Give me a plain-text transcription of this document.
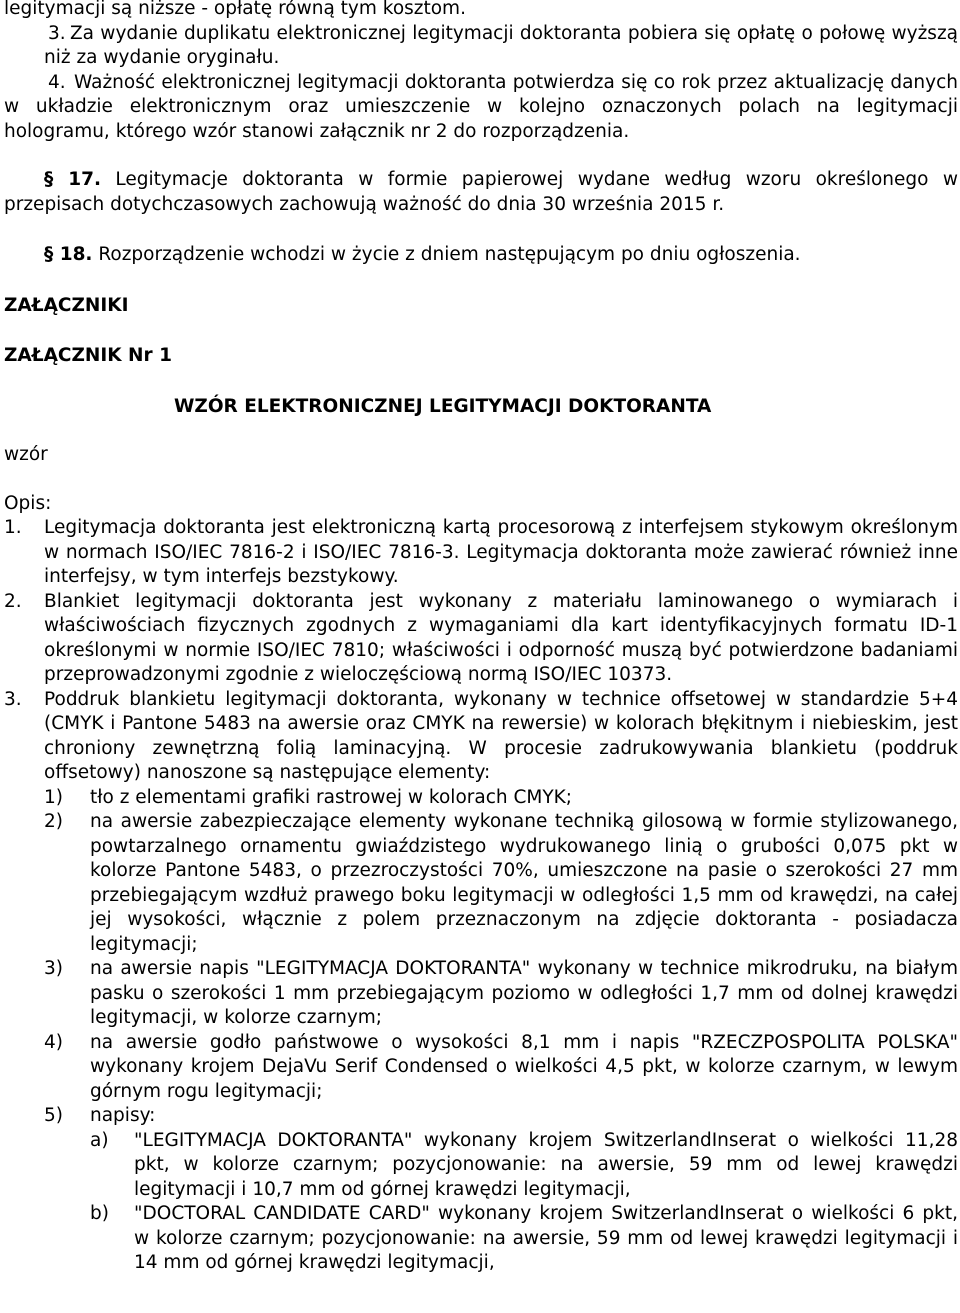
legitymacji są niższe - opłatę równą tym kosztom.

3. Za wydanie duplikatu elektronicznej legitymacji doktoranta pobiera się opłatę o połowę wyższą niż za wydanie oryginału.

4. Ważność elektronicznej legitymacji doktoranta potwierdza się co rok przez aktualizację danych w układzie elektronicznym oraz umieszczenie w kolejno oznaczonych polach na legitymacji hologramu, którego wzór stanowi załącznik nr 2 do rozporządzenia.

§ 17. Legitymacje doktoranta w formie papierowej wydane według wzoru określonego w przepisach dotychczasowych zachowują ważność do dnia 30 września 2015 r.

§ 18. Rozporządzenie wchodzi w życie z dniem następującym po dniu ogłoszenia.

ZAŁĄCZNIKI

ZAŁĄCZNIK Nr 1

WZÓR ELEKTRONICZNEJ LEGITYMACJI DOKTORANTA

wzór

Opis:

1. Legitymacja doktoranta jest elektroniczną kartą procesorową z interfejsem stykowym określonym w normach ISO/IEC 7816-2 i ISO/IEC 7816-3. Legitymacja doktoranta może zawierać również inne interfejsy, w tym interfejs bezstykowy.

2. Blankiet legitymacji doktoranta jest wykonany z materiału laminowanego o wymiarach i właściwościach fizycznych zgodnych z wymaganiami dla kart identyfikacyjnych formatu ID-1 określonymi w normie ISO/IEC 7810; właściwości i odporność muszą być potwierdzone badaniami przeprowadzonymi zgodnie z wieloczęściową normą ISO/IEC 10373.

3. Poddruk blankietu legitymacji doktoranta, wykonany w technice offsetowej w standardzie 5+4 (CMYK i Pantone 5483 na awersie oraz CMYK na rewersie) w kolorach błękitnym i niebieskim, jest chroniony zewnętrzną folią laminacyjną. W procesie zadrukowywania blankietu (poddruk offsetowy) nanoszone są następujące elementy:

1) tło z elementami grafiki rastrowej w kolorach CMYK;

2) na awersie zabezpieczające elementy wykonane techniką gilosową w formie stylizowanego, powtarzalnego ornamentu gwiaździstego wydrukowanego linią o grubości 0,075 pkt w kolorze Pantone 5483, o przezroczystości 70%, umieszczone na pasie o szerokości 27 mm przebiegającym wzdłuż prawego boku legitymacji w odległości 1,5 mm od krawędzi, na całej jej wysokości, włącznie z polem przeznaczonym na zdjęcie doktoranta - posiadacza legitymacji;

3) na awersie napis "LEGITYMACJA DOKTORANTA" wykonany w technice mikrodruku, na białym pasku o szerokości 1 mm przebiegającym poziomo w odległości 1,7 mm od dolnej krawędzi legitymacji, w kolorze czarnym;

4) na awersie godło państwowe o wysokości 8,1 mm i napis "RZECZPOSPOLITA POLSKA" wykonany krojem DejaVu Serif Condensed o wielkości 4,5 pkt, w kolorze czarnym, w lewym górnym rogu legitymacji;

5) napisy:

a) "LEGITYMACJA DOKTORANTA" wykonany krojem SwitzerlandInserat o wielkości 11,28 pkt, w kolorze czarnym; pozycjonowanie: na awersie, 59 mm od lewej krawędzi legitymacji i 10,7 mm od górnej krawędzi legitymacji,

b) "DOCTORAL CANDIDATE CARD" wykonany krojem SwitzerlandInserat o wielkości 6 pkt, w kolorze czarnym; pozycjonowanie: na awersie, 59 mm od lewej krawędzi legitymacji i 14 mm od górnej krawędzi legitymacji,
